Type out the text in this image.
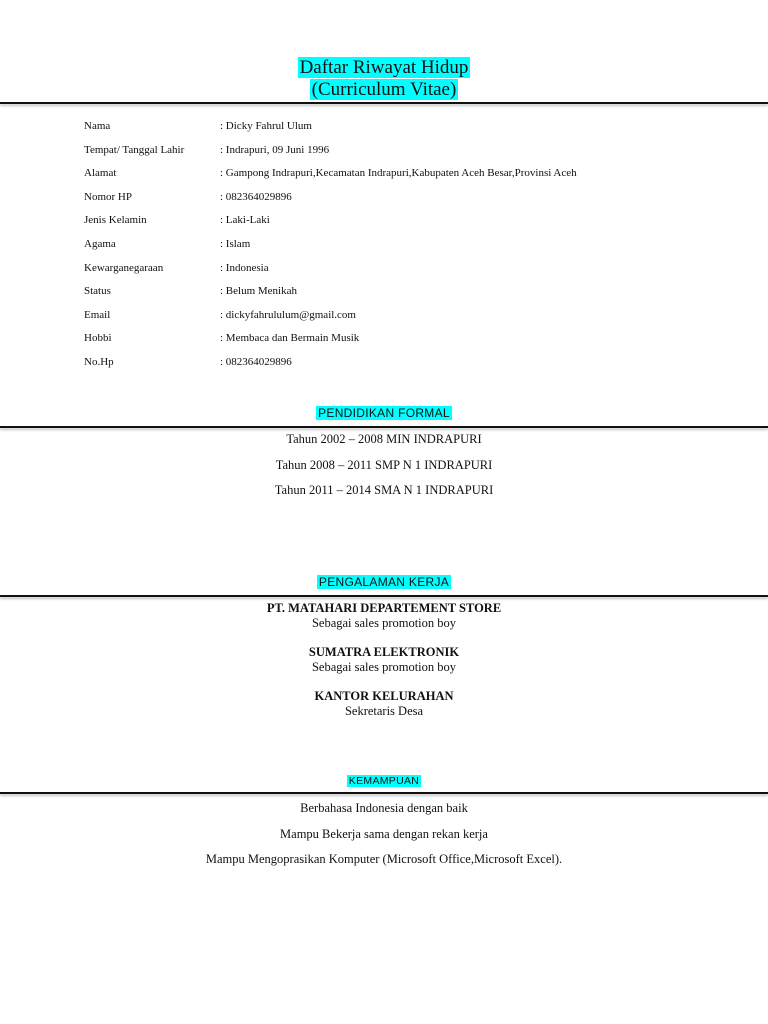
Daftar Riwayat Hidup
(Curriculum Vitae)
Nama	: Dicky Fahrul Ulum
Tempat/ Tanggal Lahir	: Indrapuri, 09 Juni 1996
Alamat	: Gampong Indrapuri,Kecamatan Indrapuri,Kabupaten Aceh Besar,Provinsi Aceh
Nomor HP	: 082364029896
Jenis Kelamin	: Laki-Laki
Agama	: Islam
Kewarganegaraan	: Indonesia
Status	: Belum Menikah
Email	: dickyfahrululum@gmail.com
Hobbi	: Membaca dan Bermain Musik
No.Hp	: 082364029896
PENDIDIKAN FORMAL
Tahun 2002 – 2008 MIN INDRAPURI
Tahun 2008 – 2011 SMP N 1 INDRAPURI
Tahun 2011 – 2014 SMA N 1 INDRAPURI
PENGALAMAN KERJA
PT. MATAHARI DEPARTEMENT STORE
Sebagai sales promotion boy
SUMATRA ELEKTRONIK
Sebagai sales promotion boy
KANTOR KELURAHAN
Sekretaris Desa
KEMAMPUAN
Berbahasa Indonesia dengan baik
Mampu Bekerja sama dengan rekan kerja
Mampu Mengoprasikan Komputer (Microsoft Office,Microsoft Excel).
